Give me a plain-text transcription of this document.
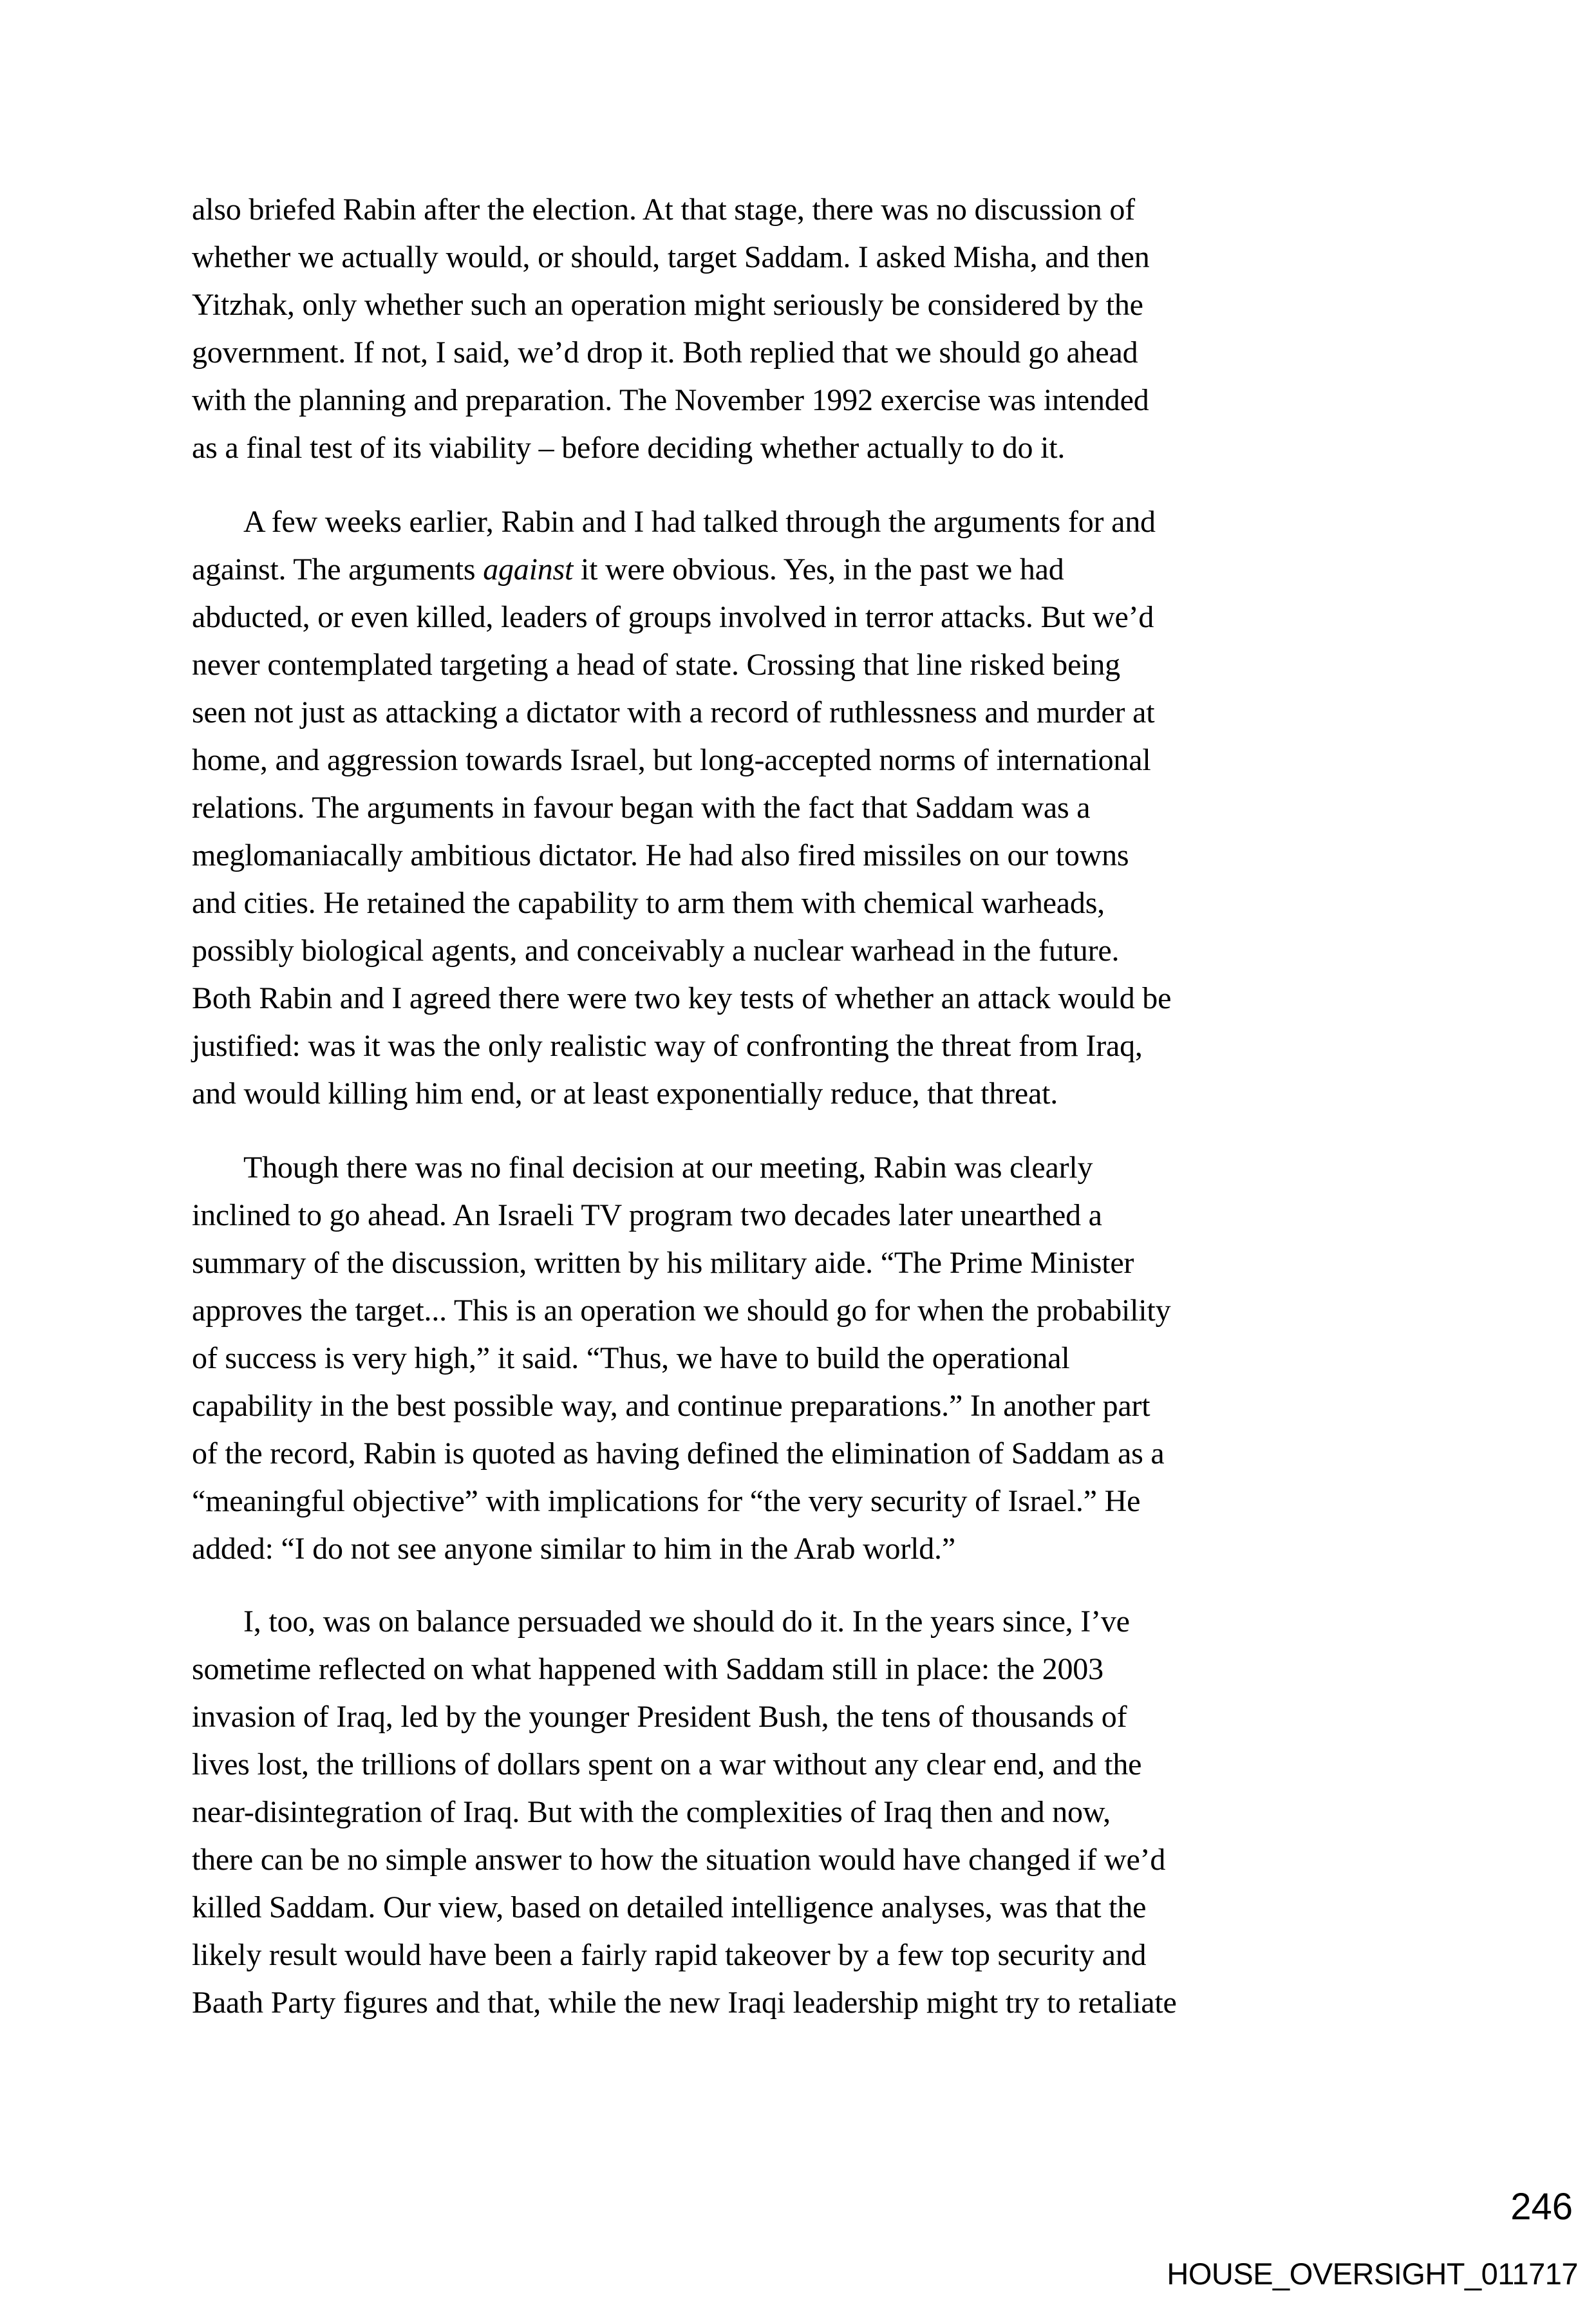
also briefed Rabin after the election. At that stage, there was no discussion of
whether we actually would, or should, target Saddam. I asked Misha, and then
Yitzhak, only whether such an operation might seriously be considered by the
government. If not, I said, we’d drop it. Both replied that we should go ahead
with the planning and preparation. The November 1992 exercise was intended
as a final test of its viability – before deciding whether actually to do it.
A few weeks earlier, Rabin and I had talked through the arguments for and
against. The arguments against it were obvious. Yes, in the past we had
abducted, or even killed, leaders of groups involved in terror attacks. But we’d
never contemplated targeting a head of state. Crossing that line risked being
seen not just as attacking a dictator with a record of ruthlessness and murder at
home, and aggression towards Israel, but long-accepted norms of international
relations. The arguments in favour began with the fact that Saddam was a
meglomaniacally ambitious dictator. He had also fired missiles on our towns
and cities. He retained the capability to arm them with chemical warheads,
possibly biological agents, and conceivably a nuclear warhead in the future.
Both Rabin and I agreed there were two key tests of whether an attack would be
justified: was it was the only realistic way of confronting the threat from Iraq,
and would killing him end, or at least exponentially reduce, that threat.
Though there was no final decision at our meeting, Rabin was clearly
inclined to go ahead. An Israeli TV program two decades later unearthed a
summary of the discussion, written by his military aide. “The Prime Minister
approves the target... This is an operation we should go for when the probability
of success is very high,” it said. “Thus, we have to build the operational
capability in the best possible way, and continue preparations.” In another part
of the record, Rabin is quoted as having defined the elimination of Saddam as a
“meaningful objective” with implications for “the very security of Israel.” He
added: “I do not see anyone similar to him in the Arab world.”
I, too, was on balance persuaded we should do it. In the years since, I’ve
sometime reflected on what happened with Saddam still in place: the 2003
invasion of Iraq, led by the younger President Bush, the tens of thousands of
lives lost, the trillions of dollars spent on a war without any clear end, and the
near-disintegration of Iraq. But with the complexities of Iraq then and now,
there can be no simple answer to how the situation would have changed if we’d
killed Saddam. Our view, based on detailed intelligence analyses, was that the
likely result would have been a fairly rapid takeover by a few top security and
Baath Party figures and that, while the new Iraqi leadership might try to retaliate
246
HOUSE_OVERSIGHT_011717
